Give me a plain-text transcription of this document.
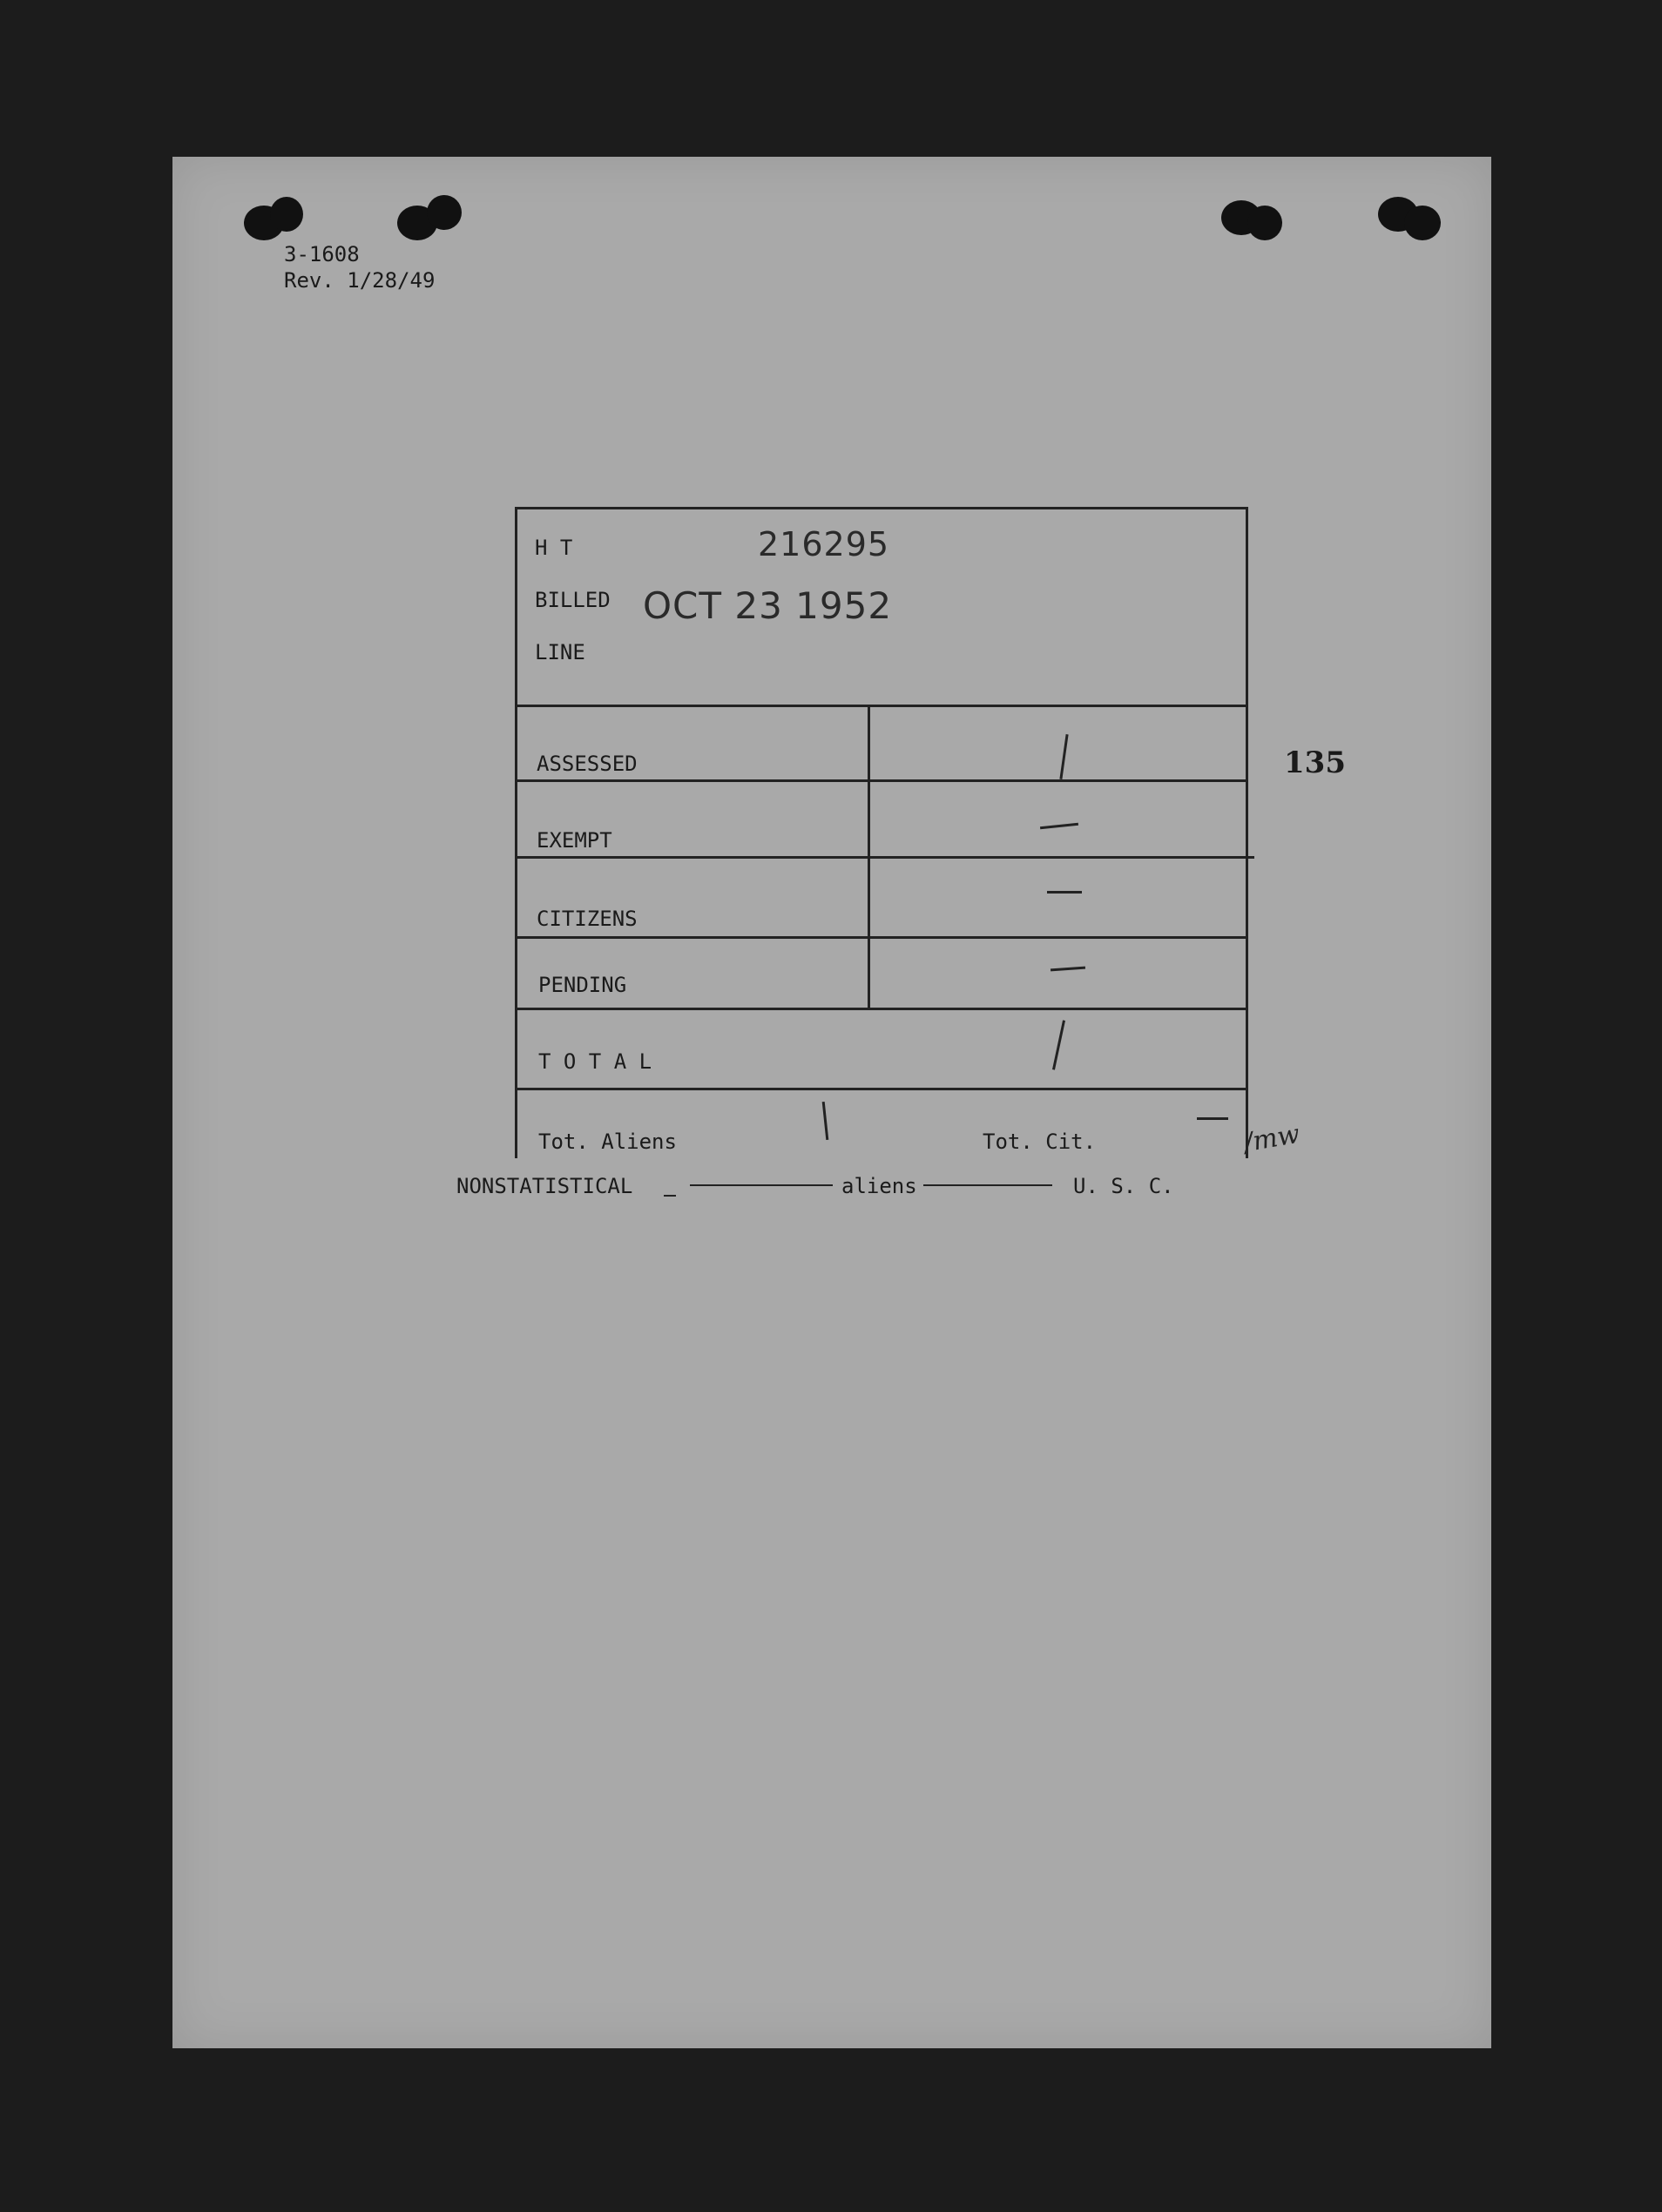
3-1608
Rev. 1/28/49
135
H T	216295
BILLED OCT 23 1952
LINE
ASSESSED
EXEMPT
CITIZENS
PENDING
T O T A L
Tot. Aliens	Tot. Cit.	/mw
NONSTATISTICAL	aliens	U. S. C.
